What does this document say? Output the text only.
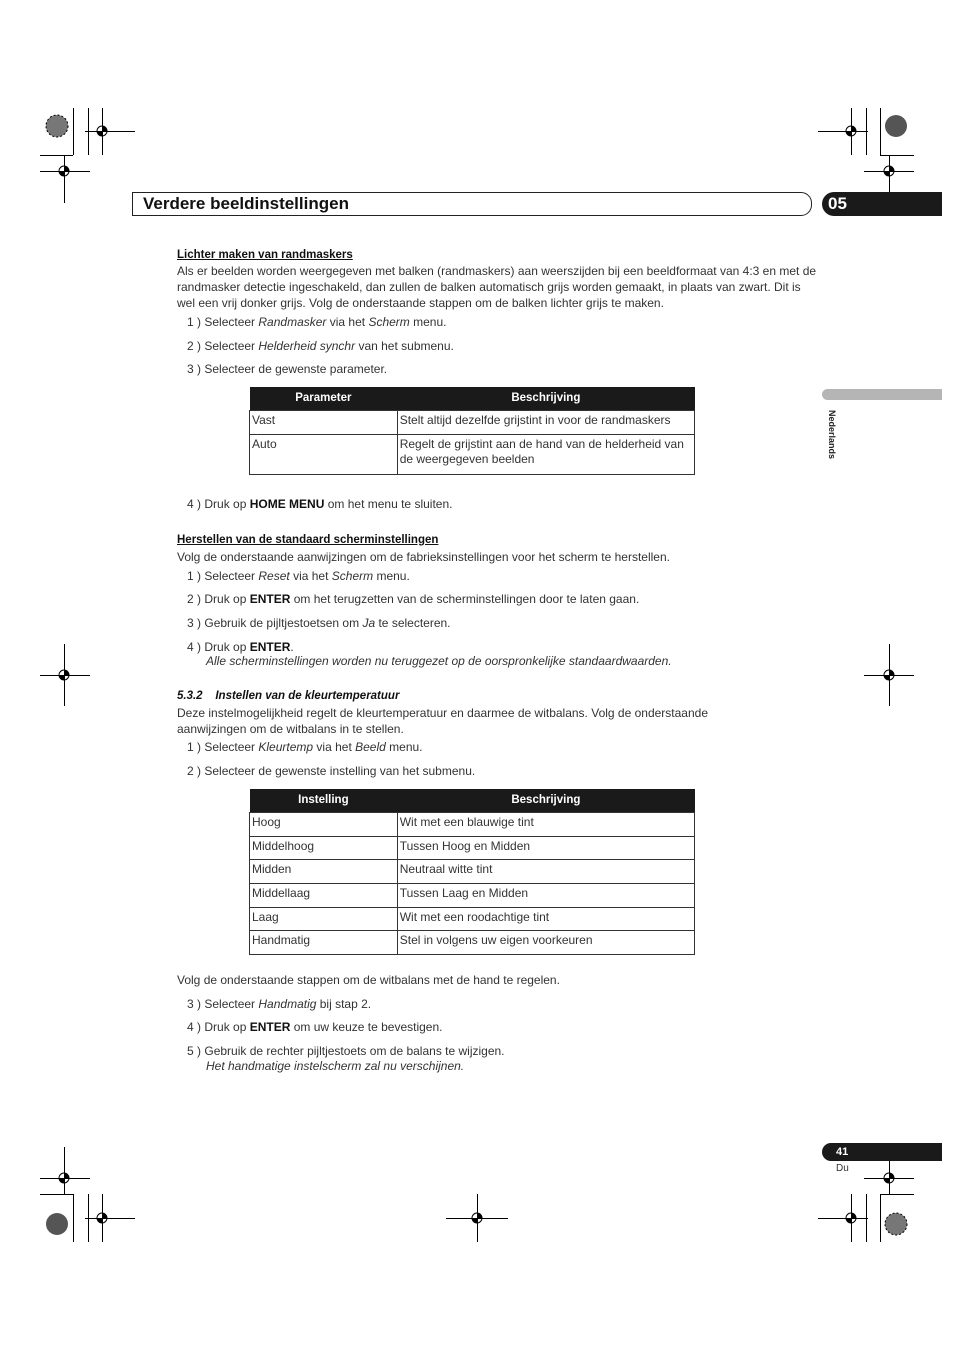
Verdere beeldinstellingen	05
Nederlands
Lichter maken van randmaskers
Als er beelden worden weergegeven met balken (randmaskers) aan weerszijden bij een beeldformaat van 4:3 en met de randmasker detectie ingeschakeld, dan zullen de balken automatisch grijs worden gemaakt, in plaats van zwart. Dit is wel een vrij donker grijs. Volg de onderstaande stappen om de balken lichter grijs te maken.
1 ) Selecteer Randmasker via het Scherm menu.
2 ) Selecteer Helderheid synchr van het submenu.
3 ) Selecteer de gewenste parameter.
Parameter	Beschrijving
Vast	Stelt altijd dezelfde grijstint in voor de randmaskers
Auto	Regelt de grijstint aan de hand van de helderheid van de weergegeven beelden
4 ) Druk op HOME MENU om het menu te sluiten.
Herstellen van de standaard scherminstellingen
Volg de onderstaande aanwijzingen om de fabrieksinstellingen voor het scherm te herstellen.
1 ) Selecteer Reset via het Scherm menu.
2 ) Druk op ENTER om het terugzetten van de scherminstellingen door te laten gaan.
3 ) Gebruik de pijltjestoetsen om Ja te selecteren.
4 ) Druk op ENTER.
Alle scherminstellingen worden nu teruggezet op de oorspronkelijke standaardwaarden.
5.3.2 Instellen van de kleurtemperatuur
Deze instelmogelijkheid regelt de kleurtemperatuur en daarmee de witbalans. Volg de onderstaande aanwijzingen om de witbalans in te stellen.
1 ) Selecteer Kleurtemp via het Beeld menu.
2 ) Selecteer de gewenste instelling van het submenu.
Instelling	Beschrijving
Hoog	Wit met een blauwige tint
Middelhoog	Tussen Hoog en Midden
Midden	Neutraal witte tint
Middellaag	Tussen Laag en Midden
Laag	Wit met een roodachtige tint
Handmatig	Stel in volgens uw eigen voorkeuren
Volg de onderstaande stappen om de witbalans met de hand te regelen.
3 ) Selecteer Handmatig bij stap 2.
4 ) Druk op ENTER om uw keuze te bevestigen.
5 ) Gebruik de rechter pijltjestoets om de balans te wijzigen.
Het handmatige instelscherm zal nu verschijnen.
41
Du
